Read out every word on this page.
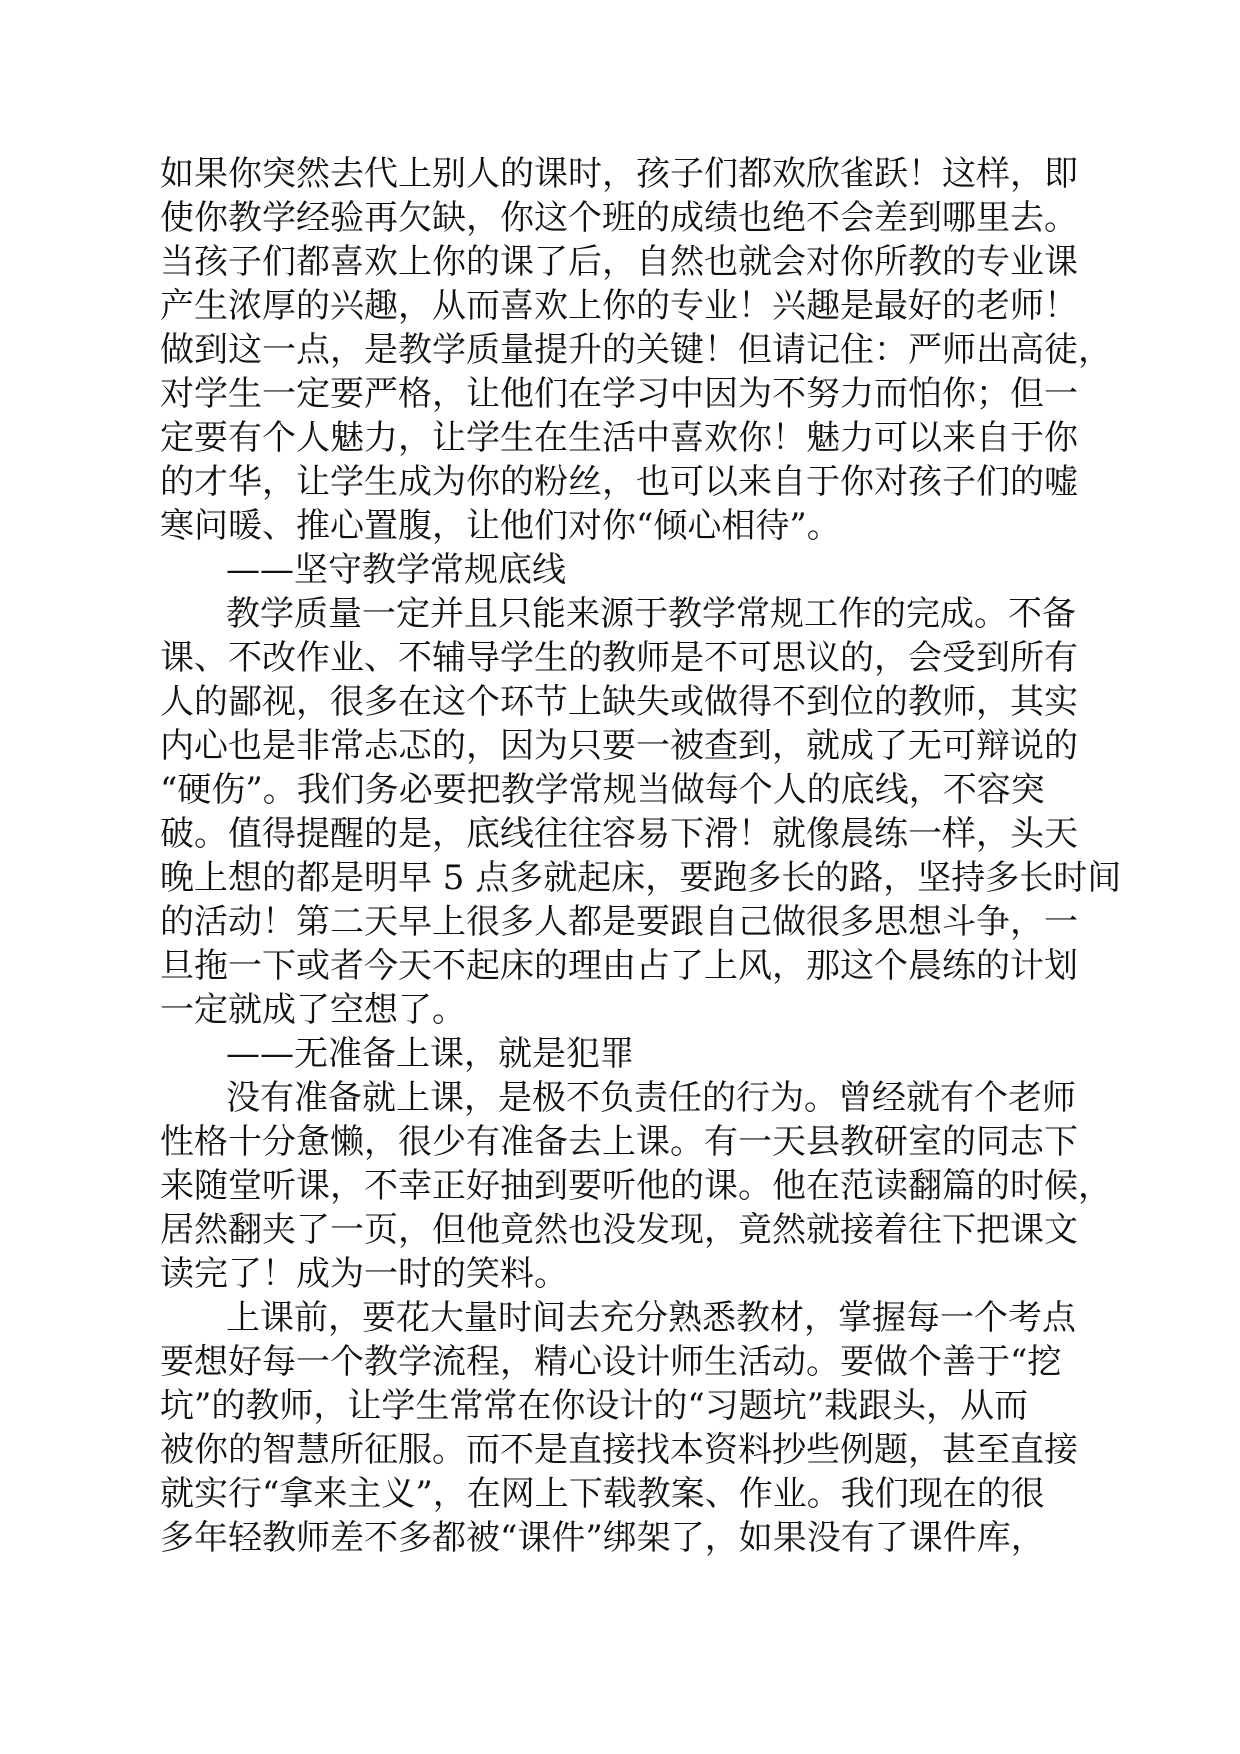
如果你突然去代上别人的课时，孩子们都欢欣雀跃！这样，即
使你教学经验再欠缺，你这个班的成绩也绝不会差到哪里去。
当孩子们都喜欢上你的课了后，自然也就会对你所教的专业课
产生浓厚的兴趣，从而喜欢上你的专业！兴趣是最好的老师！
做到这一点，是教学质量提升的关键！但请记住：严师出高徒，
对学生一定要严格，让他们在学习中因为不努力而怕你；但一
定要有个人魅力，让学生在生活中喜欢你！魅力可以来自于你
的才华，让学生成为你的粉丝，也可以来自于你对孩子们的嘘
寒问暖、推心置腹，让他们对你“倾心相待”。
——坚守教学常规底线
教学质量一定并且只能来源于教学常规工作的完成。不备
课、不改作业、不辅导学生的教师是不可思议的，会受到所有
人的鄙视，很多在这个环节上缺失或做得不到位的教师，其实
内心也是非常忐忑的，因为只要一被查到，就成了无可辩说的
“硬伤”。我们务必要把教学常规当做每个人的底线，不容突
破。值得提醒的是，底线往往容易下滑！就像晨练一样，头天
晚上想的都是明早 5 点多就起床，要跑多长的路，坚持多长时间
的活动！第二天早上很多人都是要跟自己做很多思想斗争，一
旦拖一下或者今天不起床的理由占了上风，那这个晨练的计划
一定就成了空想了。
——无准备上课，就是犯罪
没有准备就上课，是极不负责任的行为。曾经就有个老师
性格十分惫懒，很少有准备去上课。有一天县教研室的同志下
来随堂听课，不幸正好抽到要听他的课。他在范读翻篇的时候，
居然翻夹了一页，但他竟然也没发现，竟然就接着往下把课文
读完了！成为一时的笑料。
上课前，要花大量时间去充分熟悉教材，掌握每一个考点
要想好每一个教学流程，精心设计师生活动。要做个善于“挖
坑”的教师，让学生常常在你设计的“习题坑”栽跟头，从而
被你的智慧所征服。而不是直接找本资料抄些例题，甚至直接
就实行“拿来主义”，在网上下载教案、作业。我们现在的很
多年轻教师差不多都被“课件”绑架了，如果没有了课件库，
